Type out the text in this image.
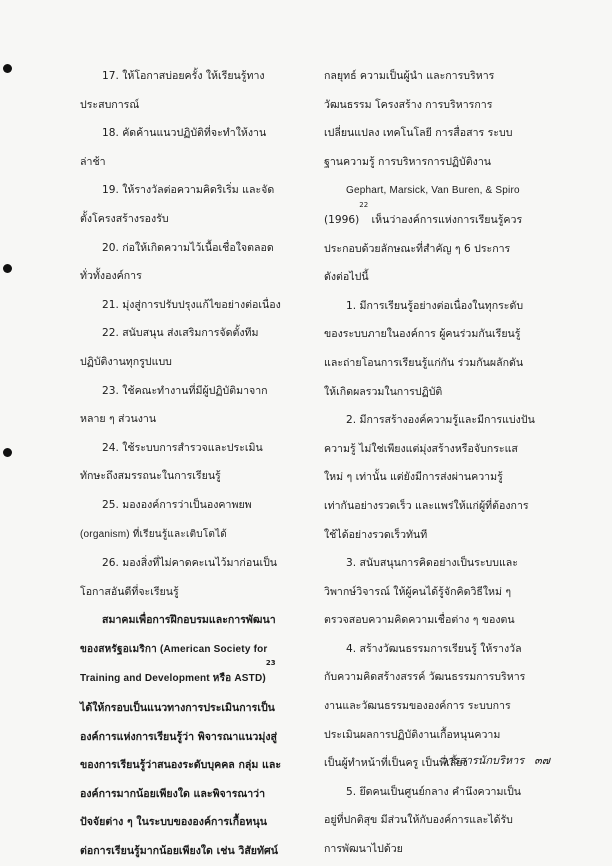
17. ให้โอกาสบ่อยครั้ง ให้เรียนรู้ทาง

ประสบการณ์

18. คัดค้านแนวปฏิบัติที่จะทำให้งาน

ล่าช้า

19. ให้รางวัลต่อความคิดริเริ่ม และจัด

ตั้งโครงสร้างรองรับ

20. ก่อให้เกิดความไว้เนื้อเชื่อใจตลอด

ทั่วทั้งองค์การ

21. มุ่งสู่การปรับปรุงแก้ไขอย่างต่อเนื่อง

22. สนับสนุน ส่งเสริมการจัดตั้งทีม

ปฏิบัติงานทุกรูปแบบ

23. ใช้คณะทำงานที่มีผู้ปฏิบัติมาจาก

หลาย ๆ ส่วนงาน

24. ใช้ระบบการสำรวจและประเมิน

ทักษะถึงสมรรถนะในการเรียนรู้

25. มององค์การว่าเป็นองคาพยพ

(organism) ที่เรียนรู้และเติบโตได้

26. มองสิ่งที่ไม่คาดคะเนไว้มาก่อนเป็น

โอกาสอันดีที่จะเรียนรู้

สมาคมเพื่อการฝึกอบรมและการพัฒนา

ของสหรัฐอเมริกา (American Society for

Training and Development หรือ ASTD)$^{23}$

ได้ให้กรอบเป็นแนวทางการประเมินการเป็น

องค์การแห่งการเรียนรู้ว่า พิจารณาแนวมุ่งสู่

ของการเรียนรู้ว่าสนองระดับบุคคล กลุ่ม และ

องค์การมากน้อยเพียงใด และพิจารณาว่า

ปัจจัยต่าง ๆ ในระบบขององค์การเกื้อหนุน

ต่อการเรียนรู้มากน้อยเพียงใด เช่น วิสัยทัศน์

กลยุทธ์ ความเป็นผู้นำ และการบริหาร

วัฒนธรรม โครงสร้าง การบริหารการ

เปลี่ยนแปลง เทคโนโลยี การสื่อสาร ระบบ

ฐานความรู้ การบริหารการปฏิบัติงาน

Gephart, Marsick, Van Buren, & Spiro

$(1996)^{22}$ เห็นว่าองค์การแห่งการเรียนรู้ควร

ประกอบด้วยลักษณะที่สำคัญ ๆ 6 ประการ

ดังต่อไปนี้

1. มีการเรียนรู้อย่างต่อเนื่องในทุกระดับ

ของระบบภายในองค์การ ผู้คนร่วมกันเรียนรู้

และถ่ายโอนการเรียนรู้แก่กัน ร่วมกันผลักดัน

ให้เกิดผลรวมในการปฏิบัติ

2. มีการสร้างองค์ความรู้และมีการแบ่งปัน

ความรู้ ไม่ใช่เพียงแต่มุ่งสร้างหรือจับกระแส

ใหม่ ๆ เท่านั้น แต่ยังมีการส่งผ่านความรู้

เท่ากันอย่างรวดเร็ว และแพร่ให้แก่ผู้ที่ต้องการ

ใช้ได้อย่างรวดเร็วทันที

3. สนับสนุนการคิดอย่างเป็นระบบและ

วิพากษ์วิจารณ์ ให้ผู้คนได้รู้จักคิดวิธีใหม่ ๆ

ตรวจสอบความคิดความเชื่อต่าง ๆ ของตน

4. สร้างวัฒนธรรมการเรียนรู้ ให้รางวัล

กับความคิดสร้างสรรค์ วัฒนธรรมการบริหาร

งานและวัฒนธรรมขององค์การ ระบบการ

ประเมินผลการปฏิบัติงานเกื้อหนุนความ

เป็นผู้ทำหน้าที่เป็นครู เป็นพี่เลี้ยง

5. ยึดคนเป็นศูนย์กลาง คำนึงความเป็น

อยู่ที่ปกติสุข มีส่วนให้กับองค์การและได้รับ

การพัฒนาไปด้วย

วารสารนักบริหาร ๓๗
